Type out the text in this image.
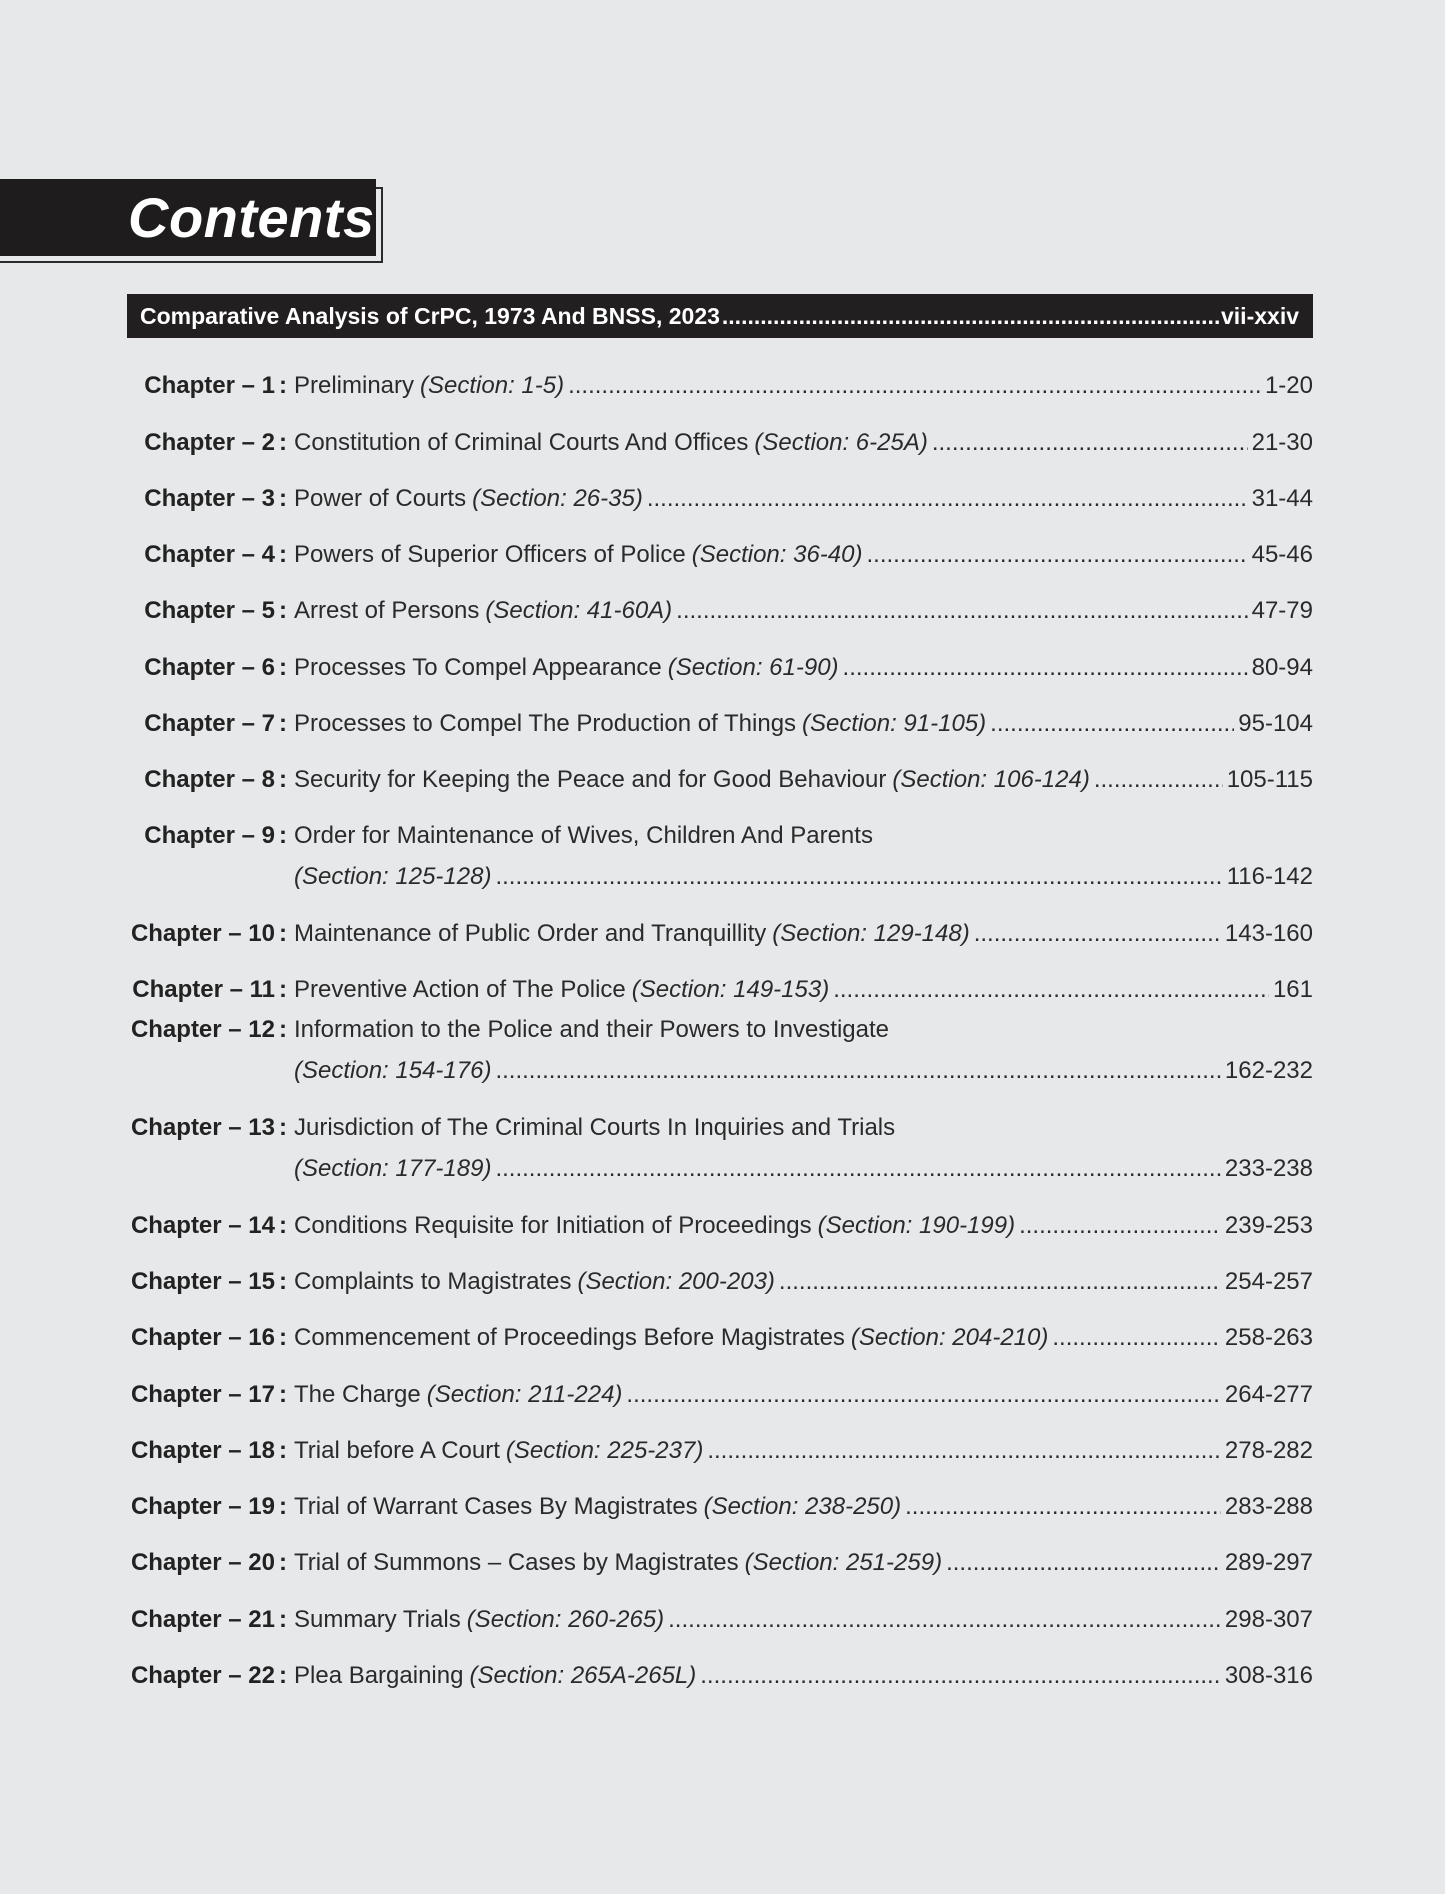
Contents
Comparative Analysis of CrPC, 1973 And BNSS, 2023 .....	vii-xxiv
Chapter – 1 : Preliminary (Section: 1-5) .....	1-20
Chapter – 2 : Constitution of Criminal Courts And Offices (Section: 6-25A) .....	21-30
Chapter – 3 : Power of Courts (Section: 26-35) .....	31-44
Chapter – 4 : Powers of Superior Officers of Police (Section: 36-40) .....	45-46
Chapter – 5 : Arrest of Persons (Section: 41-60A) .....	47-79
Chapter – 6 : Processes To Compel Appearance (Section: 61-90) .....	80-94
Chapter – 7 : Processes to Compel The Production of Things (Section: 91-105) .....	95-104
Chapter – 8 : Security for Keeping the Peace and for Good Behaviour (Section: 106-124) .....	105-115
Chapter – 9 : Order for Maintenance of Wives, Children And Parents
(Section: 125-128) .....	116-142
Chapter – 10 : Maintenance of Public Order and Tranquillity (Section: 129-148) .....	143-160
Chapter – 11 : Preventive Action of The Police (Section: 149-153) .....	161
Chapter – 12 : Information to the Police and their Powers to Investigate
(Section: 154-176) .....	162-232
Chapter – 13 : Jurisdiction of The Criminal Courts In Inquiries and Trials
(Section: 177-189) .....	233-238
Chapter – 14 : Conditions Requisite for Initiation of Proceedings (Section: 190-199) .....	239-253
Chapter – 15 : Complaints to Magistrates (Section: 200-203) .....	254-257
Chapter – 16 : Commencement of Proceedings Before Magistrates (Section: 204-210) .....	258-263
Chapter – 17 : The Charge (Section: 211-224) .....	264-277
Chapter – 18 : Trial before A Court (Section: 225-237) .....	278-282
Chapter – 19 : Trial of Warrant Cases By Magistrates (Section: 238-250) .....	283-288
Chapter – 20 : Trial of Summons – Cases by Magistrates (Section: 251-259) .....	289-297
Chapter – 21 : Summary Trials (Section: 260-265) .....	298-307
Chapter – 22 : Plea Bargaining (Section: 265A-265L) .....	308-316
